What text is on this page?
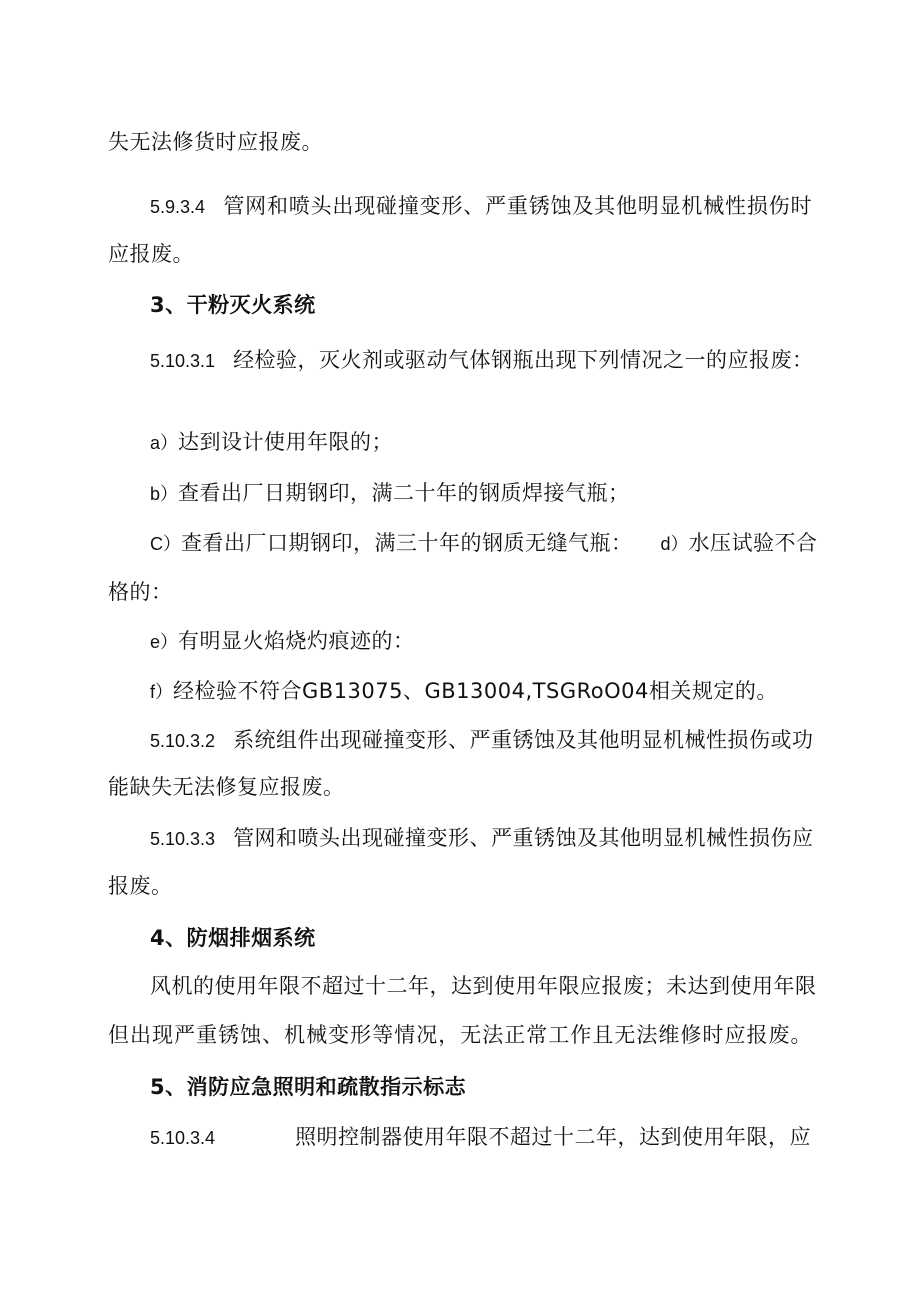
失无法修货时应报废。
5.9.3.4 管网和喷头出现碰撞变形、严重锈蚀及其他明显机械性损伤时
应报废。
3、干粉灭火系统
5.10.3.1 经检验，灭火剂或驱动气体钢瓶出现下列情况之一的应报废：
a）达到设计使用年限的；
b）查看出厂日期钢印，满二十年的钢质焊接气瓶；
C）查看出厂口期钢印，满三十年的钢质无缝气瓶： d）水压试验不合
格的：
e）有明显火焰烧灼痕迹的：
f）经检验不符合GB13075、GB13004,TSGRoO04相关规定的。
5.10.3.2 系统组件出现碰撞变形、严重锈蚀及其他明显机械性损伤或功
能缺失无法修复应报废。
5.10.3.3 管网和喷头出现碰撞变形、严重锈蚀及其他明显机械性损伤应
报废。
4、防烟排烟系统
风机的使用年限不超过十二年，达到使用年限应报废；未达到使用年限
但出现严重锈蚀、机械变形等情况，无法正常工作且无法维修时应报废。
5、消防应急照明和疏散指示标志
5.10.3.4	照明控制器使用年限不超过十二年，达到使用年限，应
